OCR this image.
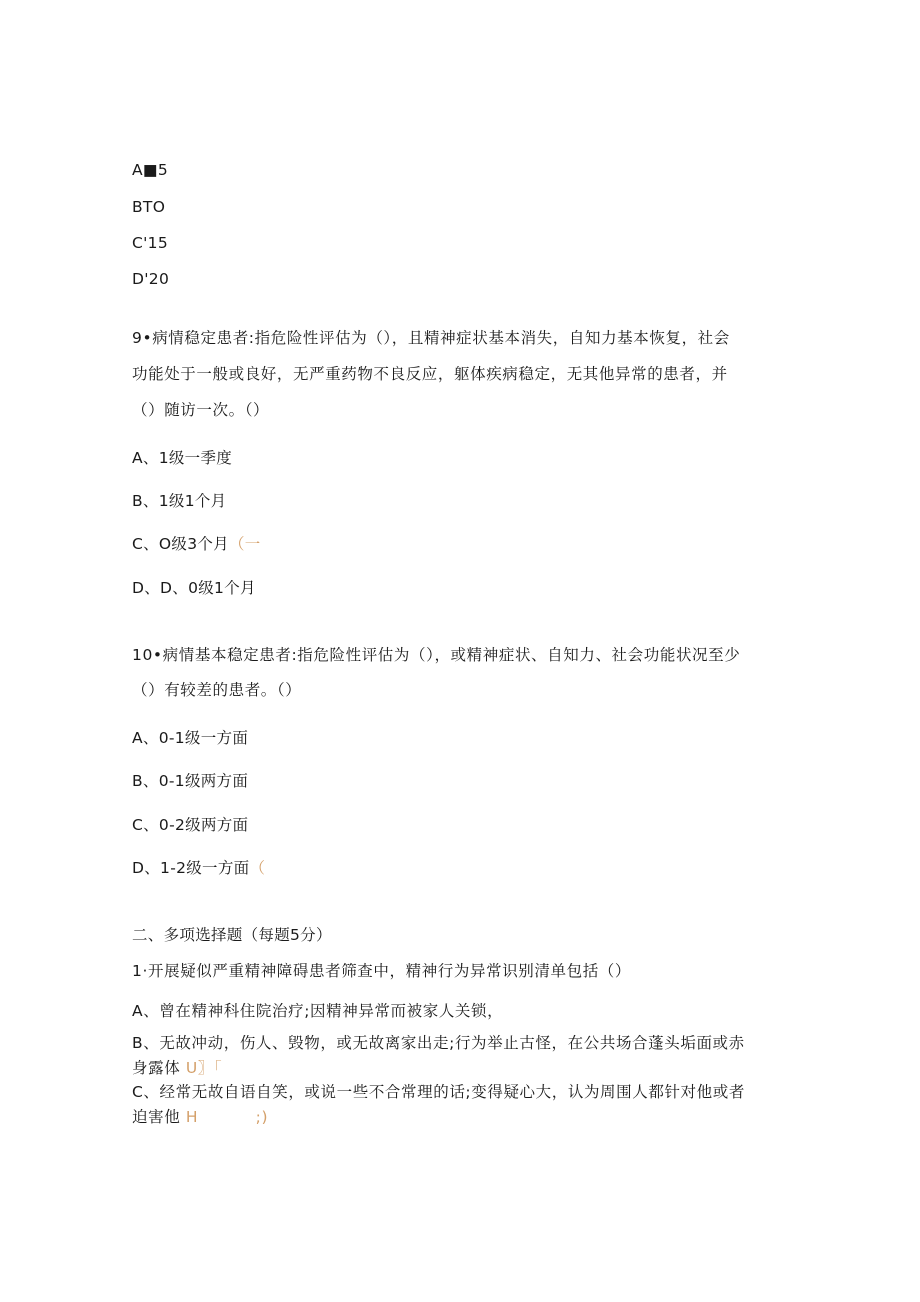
A■5
BTO
C'15
D'20
9•病情稳定患者:指危险性评估为（），且精神症状基本消失，自知力基本恢复，社会
功能处于一般或良好，无严重药物不良反应，躯体疾病稳定，无其他异常的患者，并
（）随访一次。（）
A、1级一季度
B、1级1个月
C、O级3个月（一
D、D、0级1个月
10•病情基本稳定患者:指危险性评估为（），或精神症状、自知力、社会功能状况至少
（）有较差的患者。（）
A、0-1级一方面
B、0-1级两方面
C、0-2级两方面
D、1-2级一方面（
二、多项选择题（每题5分）
1·开展疑似严重精神障碍患者筛查中，精神行为异常识别清单包括（）
A、曾在精神科住院治疗;因精神异常而被家人关锁，
B、无故冲动，伤人、毁物，或无故离家出走;行为举止古怪，在公共场合蓬头垢面或赤
身露体 U〗「
C、经常无故自语自笑，或说一些不合常理的话;变得疑心大，认为周围人都针对他或者
迫害他 H	;)
